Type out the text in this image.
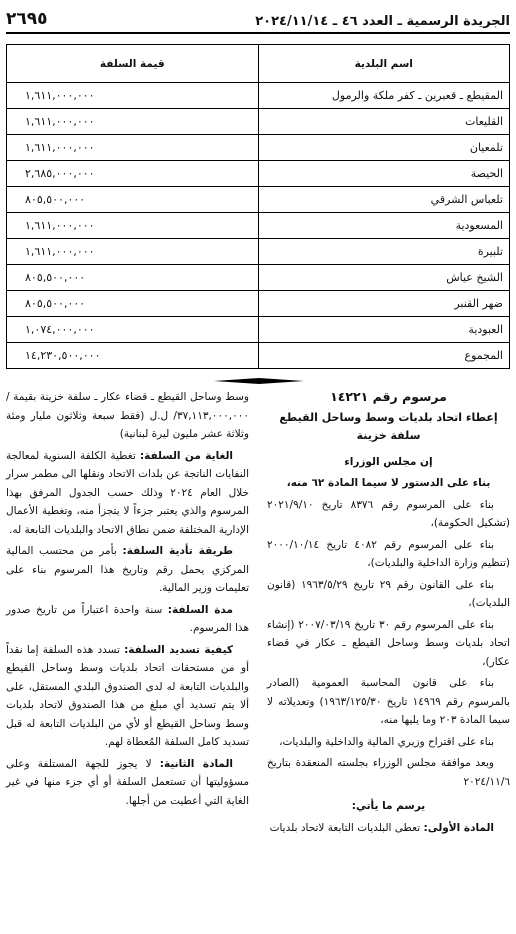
الجريدة الرسمية ـ العدد ٤٦ ـ ٢٠٢٤/١١/١٤
٢٦٩٥
اسم البلدية	قيمة السلفة
المقيطع ـ قعبرين ـ كفر ملكة والرمول	١,٦١١,٠٠٠,٠٠٠
القليعات	١,٦١١,٠٠٠,٠٠٠
تلمعيان	١,٦١١,٠٠٠,٠٠٠
الحيصة	٢,٦٨٥,٠٠٠,٠٠٠
تلعباس الشرقي	٨٠٥,٥٠٠,٠٠٠
المسعودية	١,٦١١,٠٠٠,٠٠٠
تلبيرة	١,٦١١,٠٠٠,٠٠٠
الشيخ عياش	٨٠٥,٥٠٠,٠٠٠
ضهر القنبر	٨٠٥,٥٠٠,٠٠٠
العبودية	١,٠٧٤,٠٠٠,٠٠٠
المجموع	١٤,٢٣٠,٥٠٠,٠٠٠
مرسوم رقم ١٤٢٢١
إعطاء اتحاد بلديات وسط وساحل القيطع
سلفة خزينة
إن مجلس الوزراء
بناء على الدستور لا سيما المادة ٦٢ منه،
بناء على المرسوم رقم ٨٣٧٦ تاريخ ٢٠٢١/٩/١٠ (تشكيل الحكومة)،
بناء على المرسوم رقم ٤٠٨٢ تاريخ ٢٠٠٠/١٠/١٤ (تنظيم وزارة الداخلية والبلديات)،
بناء على القانون رقم ٢٩ تاريخ ١٩٦٣/٥/٢٩ (قانون البلديات)،
بناء على المرسوم رقم ٣٠ تاريخ ٢٠٠٧/٠٣/١٩ (إنشاء اتحاد بلديات وسط وساحل القيطع ـ عكار في قضاء عكار)،
بناء على قانون المحاسبة العمومية (الصادر بالمرسوم رقم ١٤٩٦٩ تاريخ ١٩٦٣/١٢٥/٣٠) وتعديلاته لا سيما المادة ٢٠٣ وما يليها منه،
بناء على اقتراح وزيري المالية والداخلية والبلديات،
وبعد موافقة مجلس الوزراء بجلسته المنعقدة بتاريخ ٢٠٢٤/١١/٦
يرسم ما يأتي:
المادة الأولى: تعطى البلديات التابعة لاتحاد بلديات
وسط وساحل القيطع ـ قضاء عكار ـ سلفة خزينة بقيمة /٣٧,١١٣,٠٠٠,٠٠٠/ ل.ل (فقط سبعة وثلاثون مليار ومئة وثلاثة عشر مليون ليرة لبنانية)
الغاية من السلفة: تغطية الكلفة السنوية لمعالجة النفايات الناتجة عن بلدات الاتحاد ونقلها الى مطمر سرار خلال العام ٢٠٢٤ وذلك حسب الجدول المرفق بهذا المرسوم والذي يعتبر جزءاً لا يتجزأ منه، وتغطية الأعمال الإدارية المختلفة ضمن نطاق الاتحاد والبلديات التابعة له.
طريقة تأدية السلفة: بأمر من محتسب المالية المركزي يحمل رقم وتاريخ هذا المرسوم بناء على تعليمات وزير المالية.
مدة السلفة: سنة واحدة اعتباراً من تاريخ صدور هذا المرسوم.
كيفية تسديد السلفة: تسدد هذه السلفة إما نقداً أو من مستحقات اتحاد بلديات وسط وساحل القيطع والبلديات التابعة له لدى الصندوق البلدي المستقل، على ألا يتم تسديد أي مبلغ من هذا الصندوق لاتحاد بلديات وسط وساحل القيطع أو لأي من البلديات التابعة له قبل تسديد كامل السلفة المُعطاة لهم.
المادة الثانية: لا يجوز للجهة المستلفة وعلى مسؤوليتها أن تستعمل السلفة أو أي جزء منها في غير الغاية التي أعطيت من أجلها.
